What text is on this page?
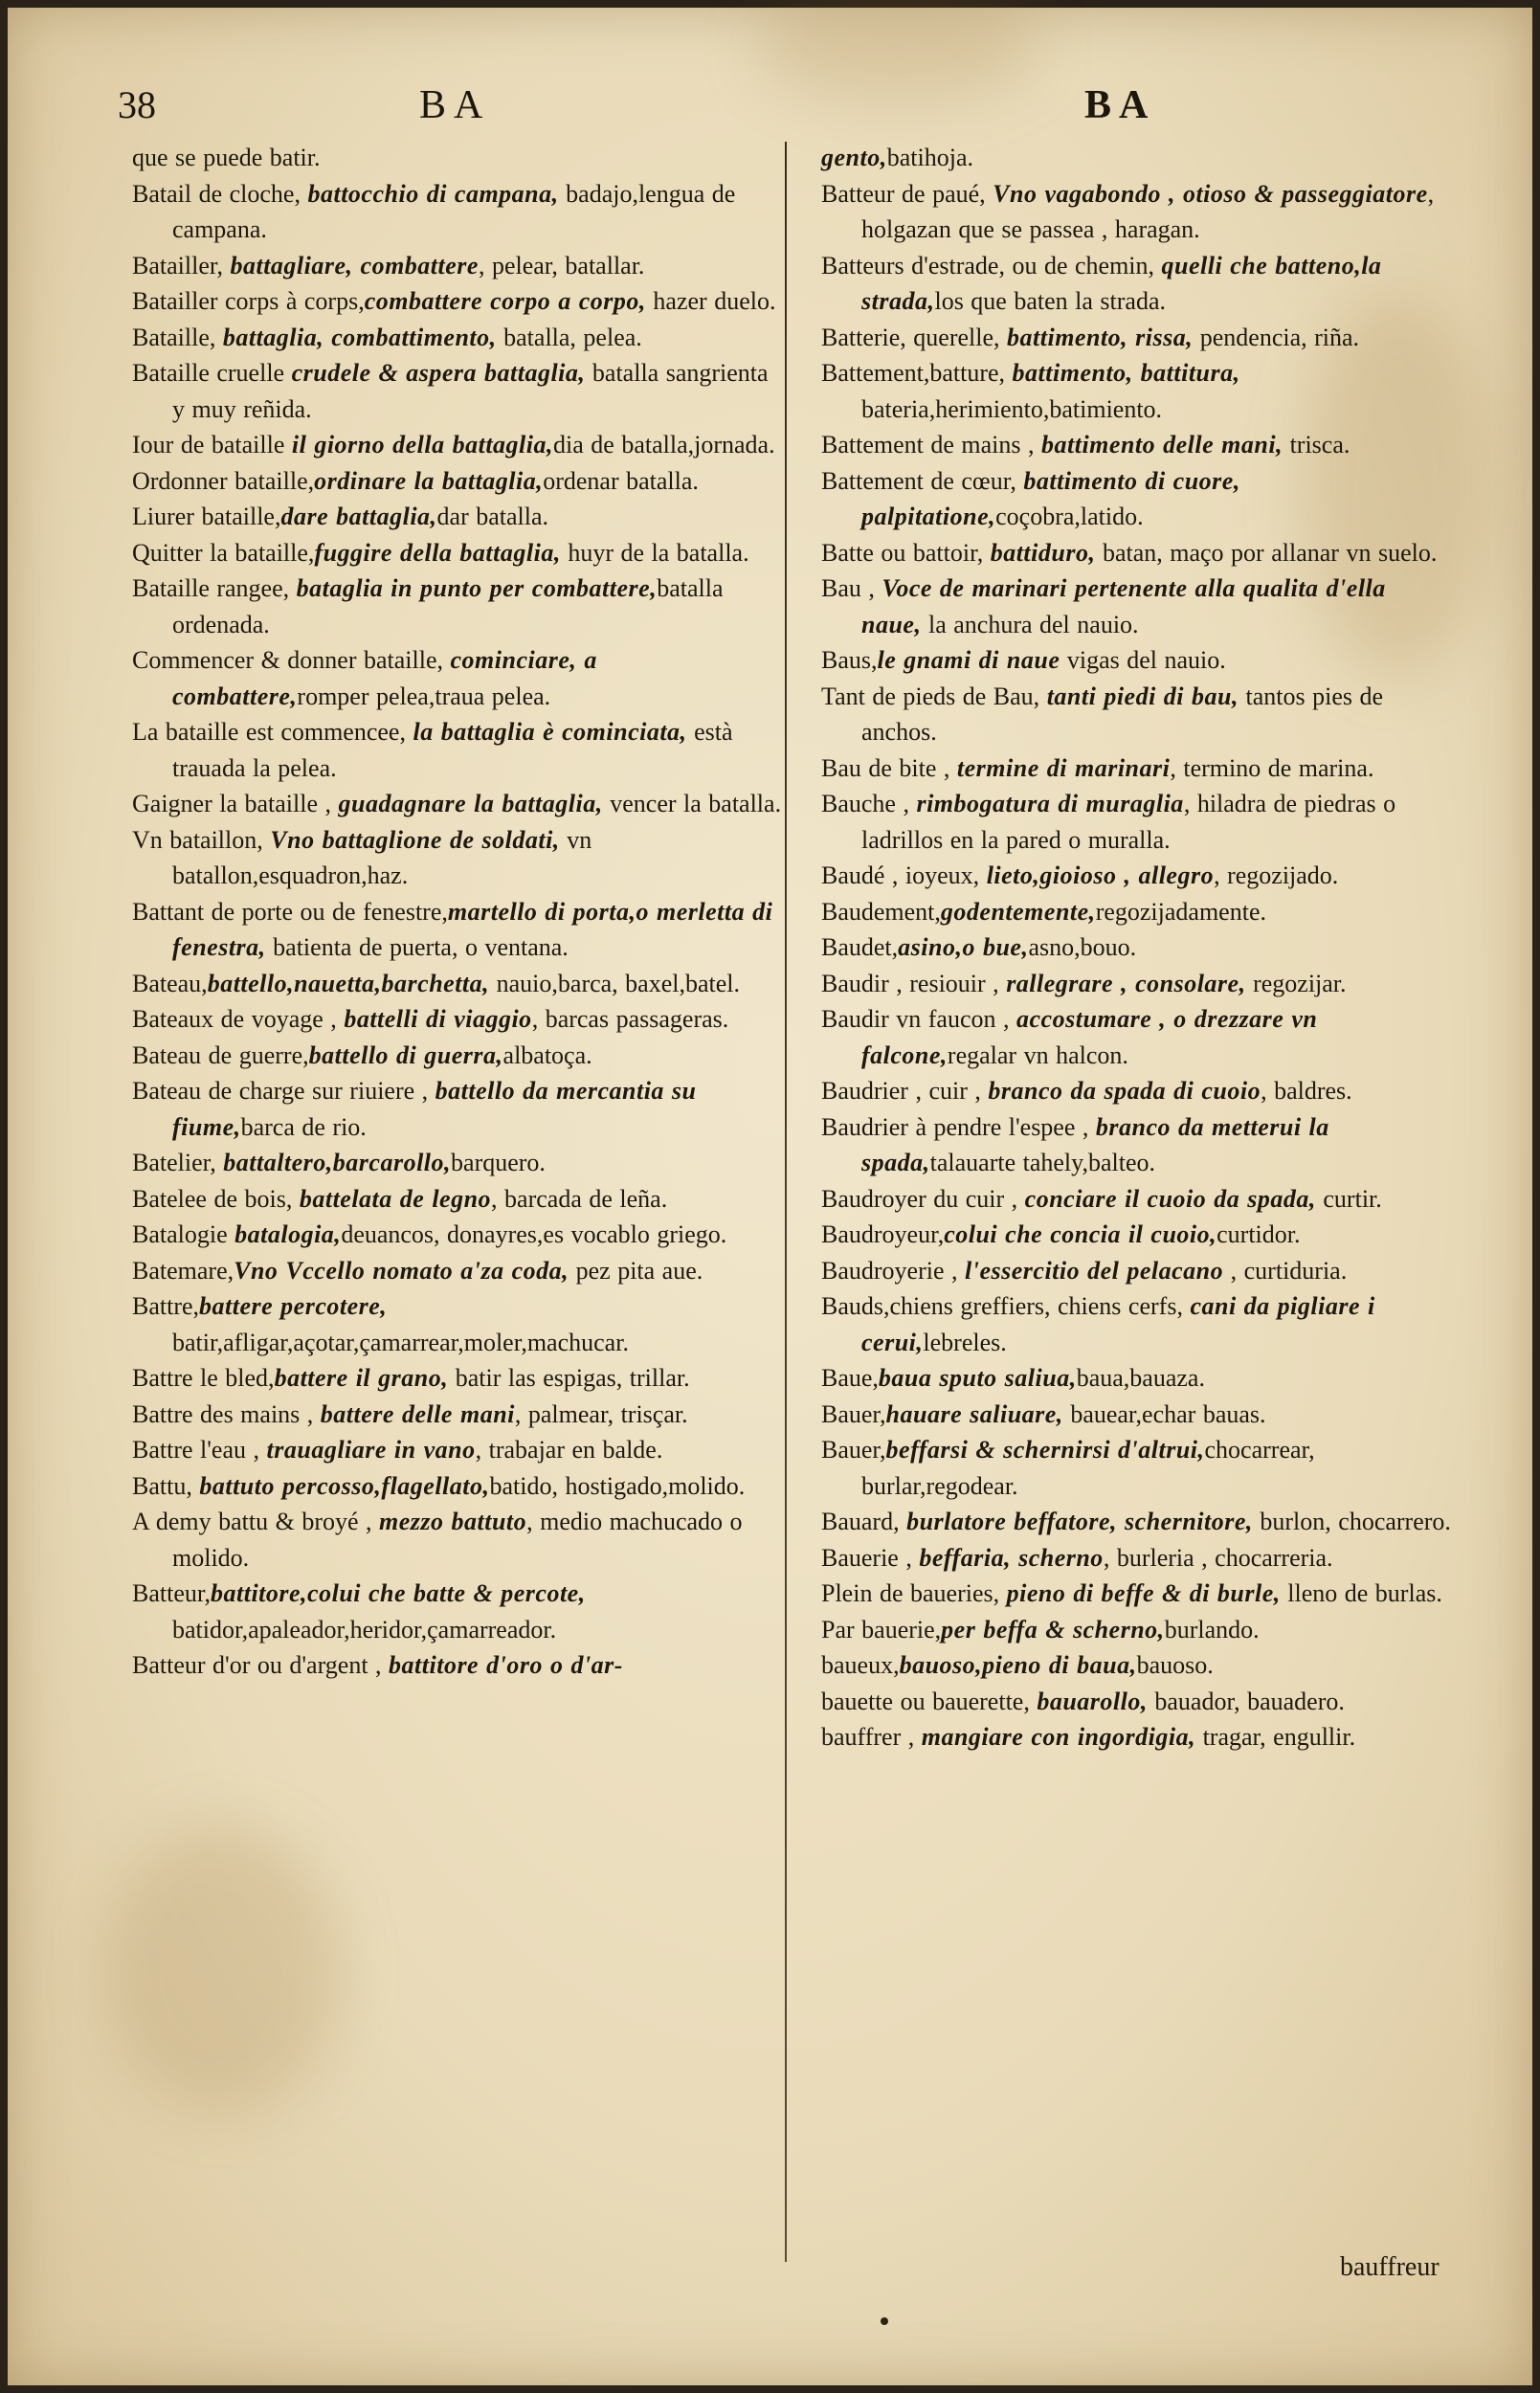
38	BA	BA
que se puede batir.
Batail de cloche, battocchio di campana, badajo,lengua de campana.
Batailler, battagliare, combattere, pelear, batallar.
Batailler corps à corps,combattere corpo a corpo, hazer duelo.
Bataille, battaglia, combattimento, batalla, pelea.
Bataille cruelle crudele & aspera battaglia, batalla sangrienta y muy reñida.
Iour de bataille il giorno della battaglia,dia de batalla,jornada.
Ordonner bataille,ordinare la battaglia,ordenar batalla.
Liurer bataille,dare battaglia,dar batalla.
Quitter la bataille,fuggire della battaglia, huyr de la batalla.
Bataille rangee, bataglia in punto per combattere,batalla ordenada.
Commencer & donner bataille, cominciare, a combattere,romper pelea,traua pelea.
La bataille est commencee, la battaglia è cominciata, està trauada la pelea.
Gaigner la bataille , guadagnare la battaglia, vencer la batalla.
Vn bataillon, Vno battaglione de soldati, vn batallon,esquadron,haz.
Battant de porte ou de fenestre,martello di porta,o merletta di fenestra, batienta de puerta, o ventana.
Bateau,battello,nauetta,barchetta, nauio,barca, baxel,batel.
Bateaux de voyage , battelli di viaggio, barcas passageras.
Bateau de guerre,battello di guerra,albatoça.
Bateau de charge sur riuiere , battello da mercantia su fiume,barca de rio.
Batelier, battaltero,barcarollo,barquero.
Batelee de bois, battelata de legno, barcada de leña.
Batalogie batalogia,deuancos, donayres,es vocablo griego.
Batemare,Vno Vccello nomato a'za coda, pez pita aue.
Battre,battere percotere, batir,afligar,açotar,çamarrear,moler,machucar.
Battre le bled,battere il grano, batir las espigas, trillar.
Battre des mains , battere delle mani, palmear, trisçar.
Battre l'eau , trauagliare in vano, trabajar en balde.
Battu, battuto percosso,flagellato,batido, hostigado,molido.
A demy battu & broyé , mezzo battuto, medio machucado o molido.
Batteur,battitore,colui che batte & percote, batidor,apaleador,heridor,çamarreador.
Batteur d'or ou d'argent , battitore d'oro o d'ar-
gento,batihoja.
Batteur de paué, Vno vagabondo , otioso & passeggiatore, holgazan que se passea , haragan.
Batteurs d'estrade, ou de chemin, quelli che batteno,la strada,los que baten la strada.
Batterie, querelle, battimento, rissa, pendencia, riña.
Battement,batture, battimento, battitura, bateria,herimiento,batimiento.
Battement de mains , battimento delle mani, trisca.
Battement de cœur, battimento di cuore, palpitatione,coçobra,latido.
Batte ou battoir, battiduro, batan, maço por allanar vn suelo.
Bau , Voce de marinari pertenente alla qualita d'ella naue, la anchura del nauio.
Baus,le gnami di naue vigas del nauio.
Tant de pieds de Bau, tanti piedi di bau, tantos pies de anchos.
Bau de bite , termine di marinari, termino de marina.
Bauche , rimbogatura di muraglia, hiladra de piedras o ladrillos en la pared o muralla.
Baudé , ioyeux, lieto,gioioso , allegro, regozijado.
Baudement,godentemente,regozijadamente.
Baudet,asino,o bue,asno,bouo.
Baudir , resiouir , rallegrare , consolare, regozijar.
Baudir vn faucon , accostumare , o drezzare vn falcone,regalar vn halcon.
Baudrier , cuir , branco da spada di cuoio, baldres.
Baudrier à pendre l'espee , branco da metterui la spada,talauarte tahely,balteo.
Baudroyer du cuir , conciare il cuoio da spada, curtir.
Baudroyeur,colui che concia il cuoio,curtidor.
Baudroyerie , l'essercitio del pelacano , curtiduria.
Bauds,chiens greffiers, chiens cerfs, cani da pigliare i cerui,lebreles.
Baue,baua sputo saliua,baua,bauaza.
Bauer,hauare saliuare, bauear,echar bauas.
Bauer,beffarsi & schernirsi d'altrui,chocarrear, burlar,regodear.
Bauard, burlatore beffatore, schernitore, burlon, chocarrero.
Bauerie , beffaria, scherno, burleria , chocarreria.
Plein de baueries, pieno di beffe & di burle, lleno de burlas.
Par bauerie,per beffa & scherno,burlando.
baueux,bauoso,pieno di baua,bauoso.
bauette ou bauerette, bauarollo, bauador, bauadero.
bauffrer , mangiare con ingordigia, tragar, engullir.
bauffreur
